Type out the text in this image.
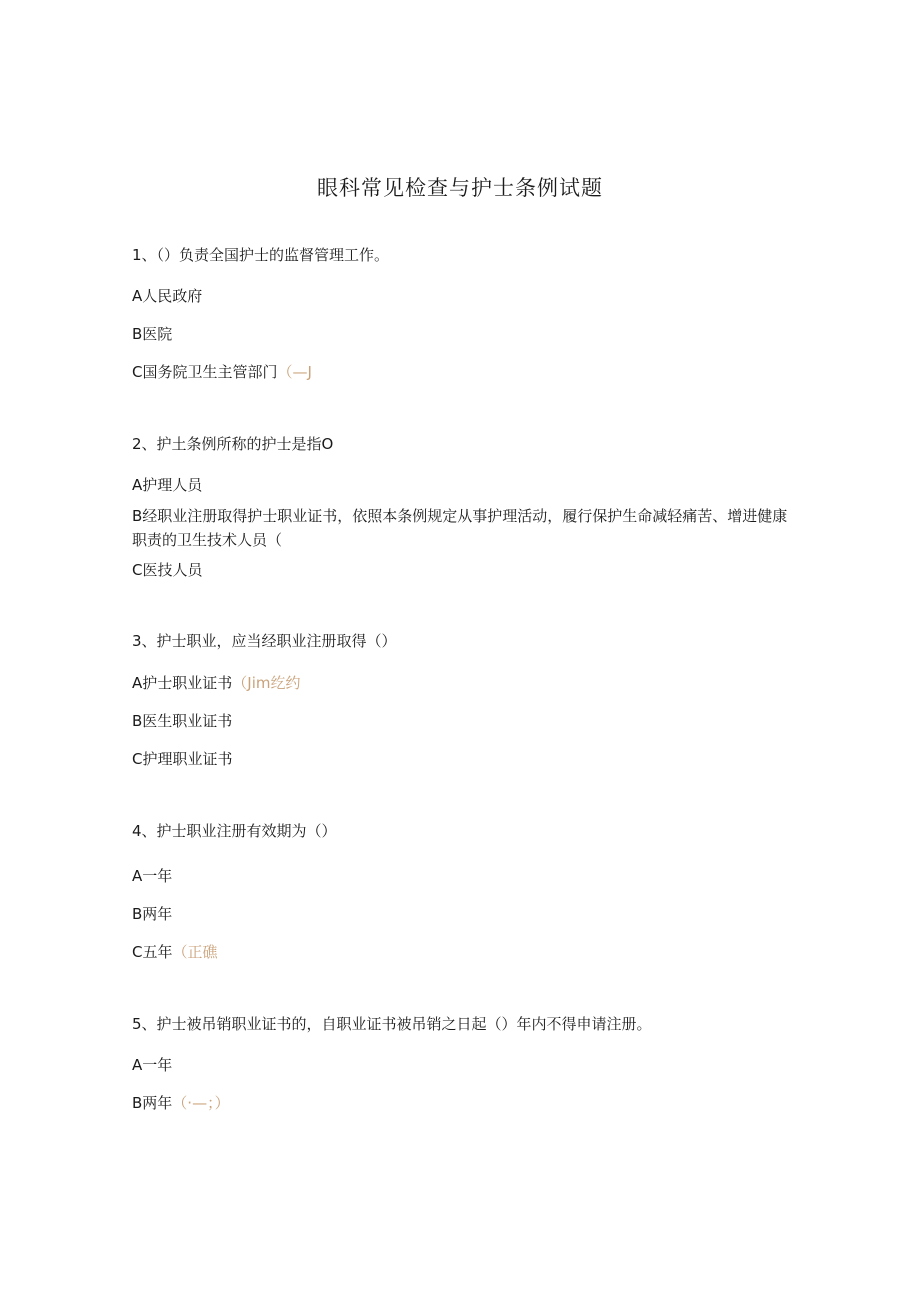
眼科常见检查与护士条例试题
1、（）负责全国护士的监督管理工作。
A人民政府
B医院
C国务院卫生主管部门（—J
2、护土条例所称的护士是指O
A护理人员
B经职业注册取得护士职业证书，依照本条例规定从事护理活动，履行保护生命减轻痛苦、增进健康职责的卫生技术人员（
C医技人员
3、护士职业，应当经职业注册取得（）
A护士职业证书（Jim纥约
B医生职业证书
C护理职业证书
4、护士职业注册有效期为（）
A一年
B两年
C五年（正礁
5、护士被吊销职业证书的，自职业证书被吊销之日起（）年内不得申请注册。
A一年
B两年（·—；）
